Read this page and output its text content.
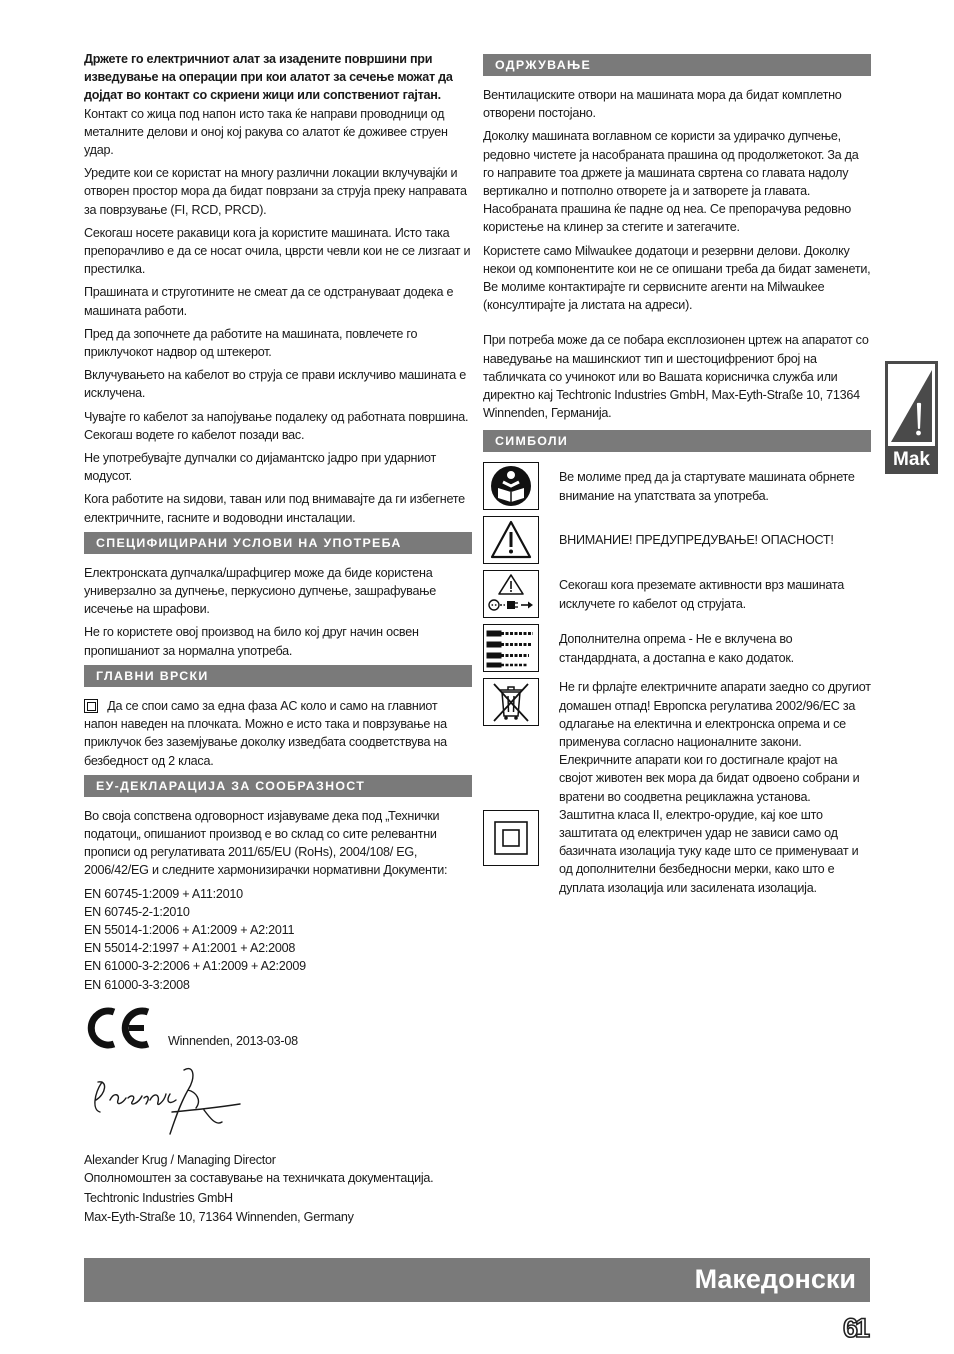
Држете го електричниот алат за изадените површини при изведување на операции при кои алатот за сечење можат да дојдат во контакт со скриени жици или сопствениот гајтан. Контакт со жица под напон исто така ќе направи проводници од металните делови и оној кој ракува со алатот ќе доживее струен удар.

Уредите кои се користат на многу различни локации вклучувајќи и отворен простор мора да бидат поврзани за струја преку направата за поврзување (FI, RCD, PRCD).

Секогаш носете ракавици кога ја користите машината. Исто така препорачливо е да се носат очила, цврсти чевли кои не се лизгаат и престилка.

Прашината и струготините не смеат да се одстрануваат додека е машината работи.

Пред да зопочнете да работите на машината, повлечете го приклучокот надвор од штекерот.

Вклучувањето на кабелот во струја се прави исклучиво машината е исклучена.

Чувајте го кабелот за напојување подалеку од работната површина. Секогаш водете го кабелот позади вас.

Не употребувајте дупчалки со дијамантско јадро при ударниот модусот.

Кога работите на ѕидови, таван или под внимавајте да ги избегнете електричните, гасните и водоводни инсталации.

СПЕЦИФИЦИРАНИ УСЛОВИ НА УПОТРЕБА

Електронската дупчалка/шрафцигер може да биде користена универзално за дупчење, перкусионо дупчење, зашрафување исечење на шрафови.

Не го користете овој производ на било кој друг начин освен пропишаниот за нормална употреба.

ГЛАВНИ ВРСКИ

Да се спои само за една фаза AC коло и само на главниот напон наведен на плочката. Можно е исто така и поврзување на приклучок без заземјување доколку изведбата соодветствува на безбедност од 2 класа.

ЕУ-ДЕКЛАРАЦИЈА ЗА СООБРАЗНОСТ

Во своја сопствена одговорност изјавуваме дека под „Технички податоци„ опишаниот производ е во склад со сите релевантни прописи од регулативата 2011/65/EU (RoHs), 2004/108/ EG, 2006/42/EG и следните хармонизирачки нормативни Документи:

EN 60745-1:2009 + A11:2010
EN 60745-2-1:2010
EN 55014-1:2006 + A1:2009 + A2:2011
EN 55014-2:1997 + A1:2001 + A2:2008
EN 61000-3-2:2006 + A1:2009 + A2:2009
EN 61000-3-3:2008
Winnenden, 2013-03-08

Alexander Krug / Managing Director
Ополномоштен за составување на техничката документација.

Techtronic Industries GmbH
Max-Eyth-Straße 10, 71364 Winnenden, Germany

ОДРЖУВАЊЕ

Вентилациските отвори на машината мора да бидат комплетно отворени постојано.

Доколку машината воглавном се користи за удирачко дупчење, редовно чистете ја насобраната прашина од продолжетокот. За да го направите тоа држете ја машината свртена со главата надолу вертикално и потполно отворете ја и затворете ја главата. Насобраната прашина ќе падне од неа. Се препорачува редовно користење на клинер за стегите и затегачите.

Користете само Milwaukee додатоци и резервни делови. Доколку некои од компонентите кои не се опишани треба да бидат заменети, Ве молиме контактирајте ги сервисните агенти на Milwaukee (консултирајте ја листата на адреси).

При потреба може да се побара експлозионен цртеж на апаратот со наведување на машинскиот тип и шестоцифрениот број на табличката со учинокот или во Вашата корисничка служба или директно кај Techtronic Industries GmbH, Max-Eyth-Straße 10, 71364 Winnenden, Германија.

СИМБОЛИ
Ве молиме пред да ја стартувате машината обрнете внимание на упатствата за употреба.
ВНИМАНИЕ! ПРЕДУПРЕДУВАЊЕ! ОПАСНОСТ!
Секогаш кога преземате активности врз машината исклучете го кабелот од струјата.
Дополнителна опрема - Не е вклучена во стандардната, а достапна е како додаток.
Не ги фрлајте електричните апарати заедно со другиот домашен отпад! Европска регулатива 2002/96/EC за одлагање на електична и електронска опрема и се применува согласно националните закони. Елекричните апарати кои го достигнале крајот на својот животен век мора да бидат одвоено собрани и вратени во соодветна рециклажна установа.
Заштитна класа II, електро-орудие, кај кое што заштитата од електричен удар не зависи само од базичната изолација туку каде што се применуваат и од дополнителни безбедносни мерки, како што е дуплата изолација или засилената изолација.
Mak
Македонски
61
